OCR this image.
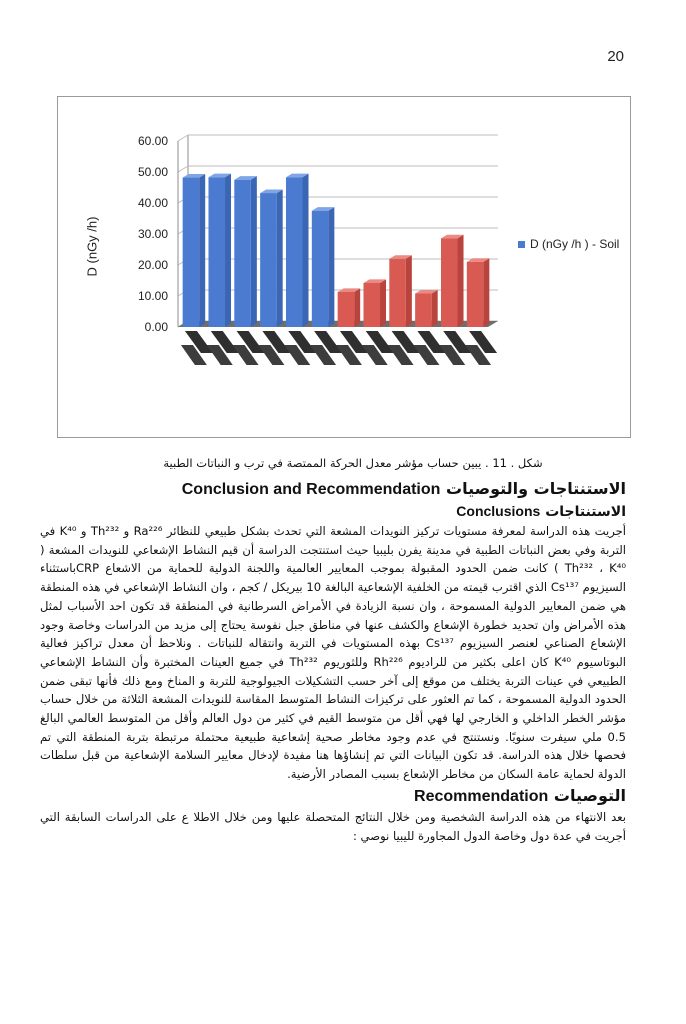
20
0.00
10.00
20.00
30.00
40.00
50.00
60.00
D (nGy /h)	D (nGy /h ) - Soil

شكل . 11 . يبين حساب مؤشر معدل الحركة الممتصة في ترب و النباتات الطبية

الاستنتاجات والتوصيات Conclusion and Recommendation

الاستنتاجات Conclusions

أجريت هذه الدراسة لمعرفة مستويات تركيز النويدات المشعة التي تحدث بشكل طبيعي للنظائر Ra²²⁶ و Th²³² و K⁴⁰ في التربة وفي بعض النباتات الطبية في مدينة يفرن بليبيا حيث استنتجت الدراسة أن قيم النشاط الإشعاعي للنويدات المشعة ( Th²³² ، K⁴⁰ ) كانت ضمن الحدود المقبولة بموجب المعايير العالمية واللجنة الدولية للحماية من الاشعاع CRPباستثناء السيزيوم Cs¹³⁷ الذي اقترب قيمته من الخلفية الإشعاعية البالغة 10 بيريكل / كجم ، وان النشاط الإشعاعي في هذه المنطقة هي ضمن المعايير الدولية المسموحة ، وان نسبة الزيادة في الأمراض السرطانية في المنطقة قد تكون احد الأسباب لمثل هذه الأمراض وان تحديد خطورة الإشعاع والكشف عنها في مناطق جبل نفوسة يحتاج إلى مزيد من الدراسات وخاصة وجود الإشعاع الصناعي لعنصر السيزيوم Cs¹³⁷ بهذه المستويات في التربة وانتقاله للنباتات . ونلاحظ أن معدل تراكيز فعالية البوتاسيوم K⁴⁰ كان اعلى بكثير من للراديوم Rh²²⁶ وللثوريوم Th²³² في جميع العينات المختبرة وأن النشاط الإشعاعي الطبيعي في عينات التربة يختلف من موقع إلى آخر حسب التشكيلات الجيولوجية للتربة و المناخ ومع ذلك فأنها تبقى ضمن الحدود الدولية المسموحة ، كما تم العثور على تركيزات النشاط المتوسط المقاسة للنويدات المشعة الثلاثة من خلال حساب مؤشر الخطر الداخلي و الخارجي لها فهي أقل من متوسط القيم في كثير من دول العالم وأقل من المتوسط العالمي البالغ 0.5 ملي سيفرت سنويًا. ونستنتج في عدم وجود مخاطر صحية إشعاعية طبيعية محتملة مرتبطة بتربة المنطقة التي تم فحصها خلال هذه الدراسة. قد تكون البيانات التي تم إنشاؤها هنا مفيدة لإدخال معايير السلامة الإشعاعية من قبل سلطات الدولة لحماية عامة السكان من مخاطر الإشعاع بسبب المصادر الأرضية.

التوصيات Recommendation

بعد الانتهاء من هذه الدراسة الشخصية ومن خلال النتائج المتحصلة عليها ومن خلال الاطلا ع على الدراسات السابقة التي أجريت في عدة دول وخاصة الدول المجاورة لليبيا نوصي :
